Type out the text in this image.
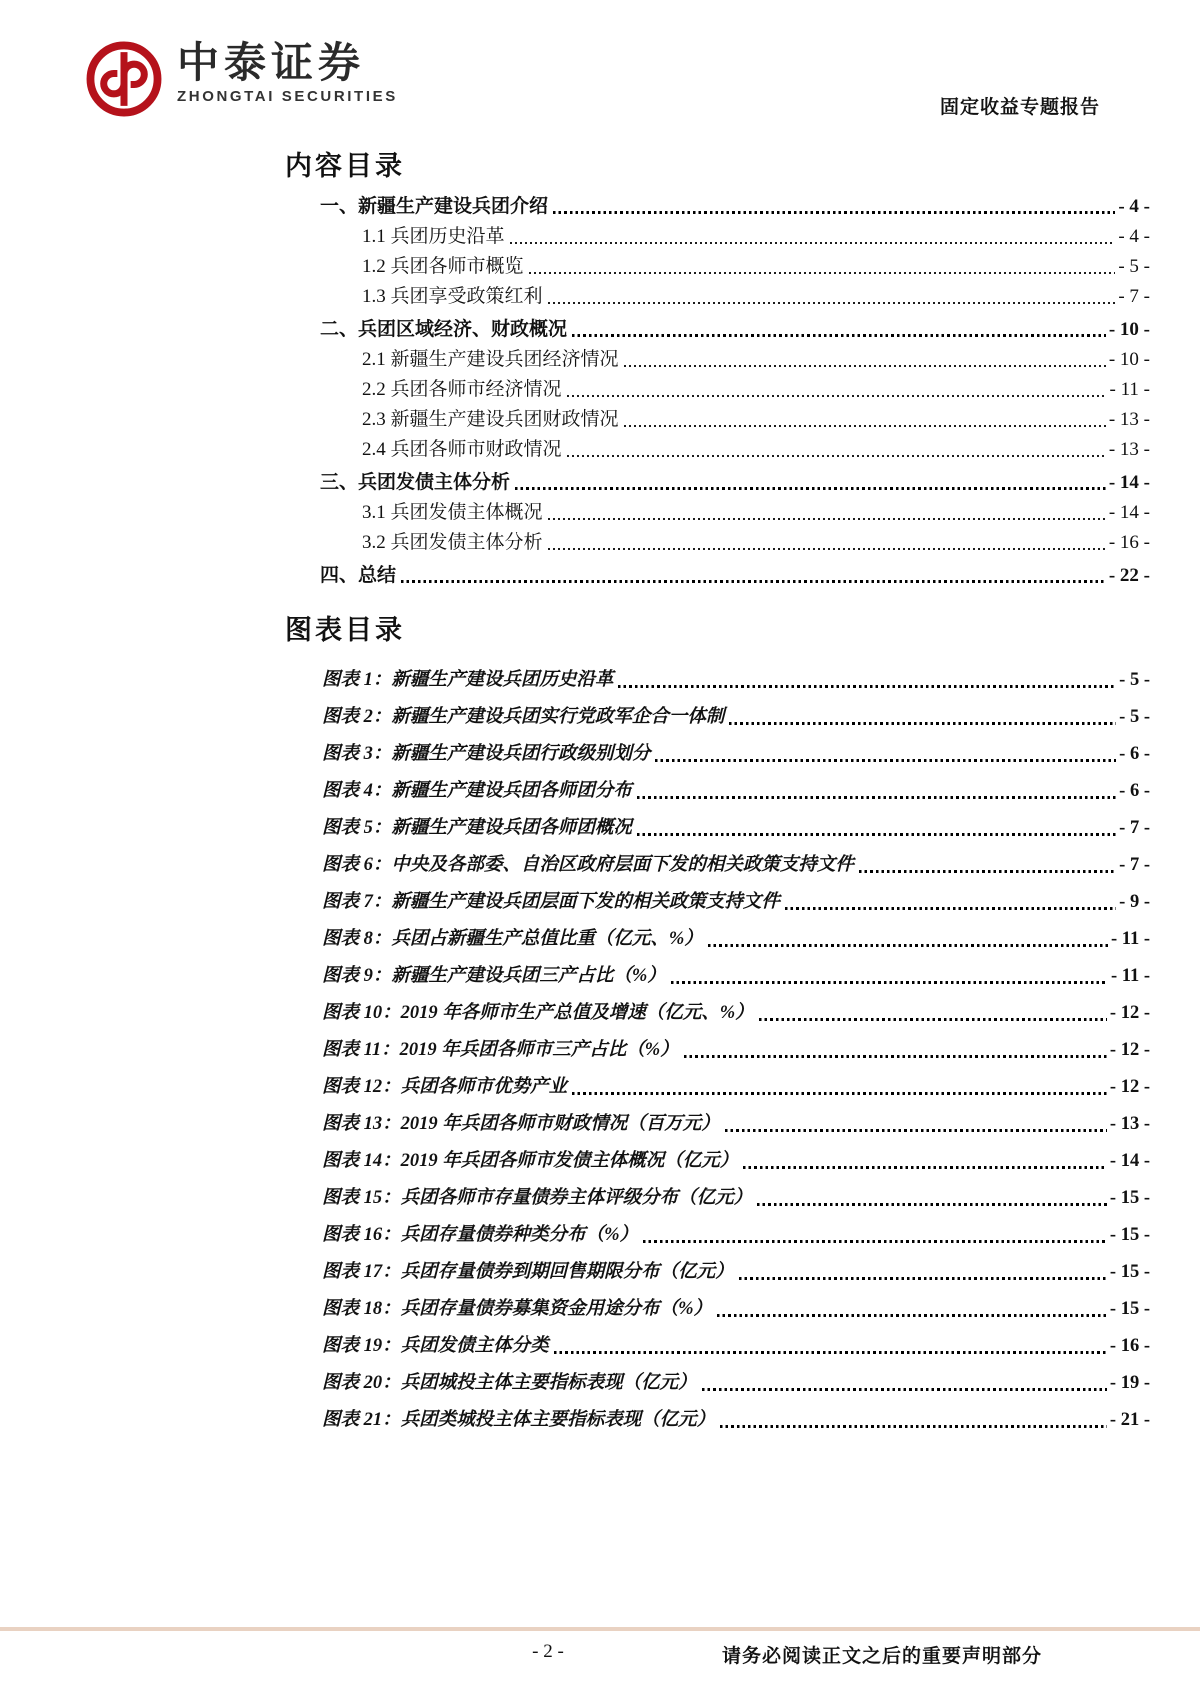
中泰证券
ZHONGTAI SECURITIES
固定收益专题报告
内容目录
一、新疆生产建设兵团介绍	- 4 -
1.1 兵团历史沿革	- 4 -
1.2 兵团各师市概览	- 5 -
1.3 兵团享受政策红利	- 7 -
二、兵团区域经济、财政概况	- 10 -
2.1 新疆生产建设兵团经济情况	- 10 -
2.2 兵团各师市经济情况	- 11 -
2.3 新疆生产建设兵团财政情况	- 13 -
2.4 兵团各师市财政情况	- 13 -
三、兵团发债主体分析	- 14 -
3.1 兵团发债主体概况	- 14 -
3.2 兵团发债主体分析	- 16 -
四、总结	- 22 -
图表目录
图表 1：新疆生产建设兵团历史沿革	- 5 -
图表 2：新疆生产建设兵团实行党政军企合一体制	- 5 -
图表 3：新疆生产建设兵团行政级别划分	- 6 -
图表 4：新疆生产建设兵团各师团分布	- 6 -
图表 5：新疆生产建设兵团各师团概况	- 7 -
图表 6：中央及各部委、自治区政府层面下发的相关政策支持文件	- 7 -
图表 7：新疆生产建设兵团层面下发的相关政策支持文件	- 9 -
图表 8：兵团占新疆生产总值比重（亿元、%）	- 11 -
图表 9：新疆生产建设兵团三产占比（%）	- 11 -
图表 10：2019 年各师市生产总值及增速（亿元、%）	- 12 -
图表 11：2019 年兵团各师市三产占比（%）	- 12 -
图表 12：兵团各师市优势产业	- 12 -
图表 13：2019 年兵团各师市财政情况（百万元）	- 13 -
图表 14：2019 年兵团各师市发债主体概况（亿元）	- 14 -
图表 15：兵团各师市存量债券主体评级分布（亿元）	- 15 -
图表 16：兵团存量债券种类分布（%）	- 15 -
图表 17：兵团存量债券到期回售期限分布（亿元）	- 15 -
图表 18：兵团存量债券募集资金用途分布（%）	- 15 -
图表 19：兵团发债主体分类	- 16 -
图表 20：兵团城投主体主要指标表现（亿元）	- 19 -
图表 21：兵团类城投主体主要指标表现（亿元）	- 21 -
- 2 -	请务必阅读正文之后的重要声明部分
